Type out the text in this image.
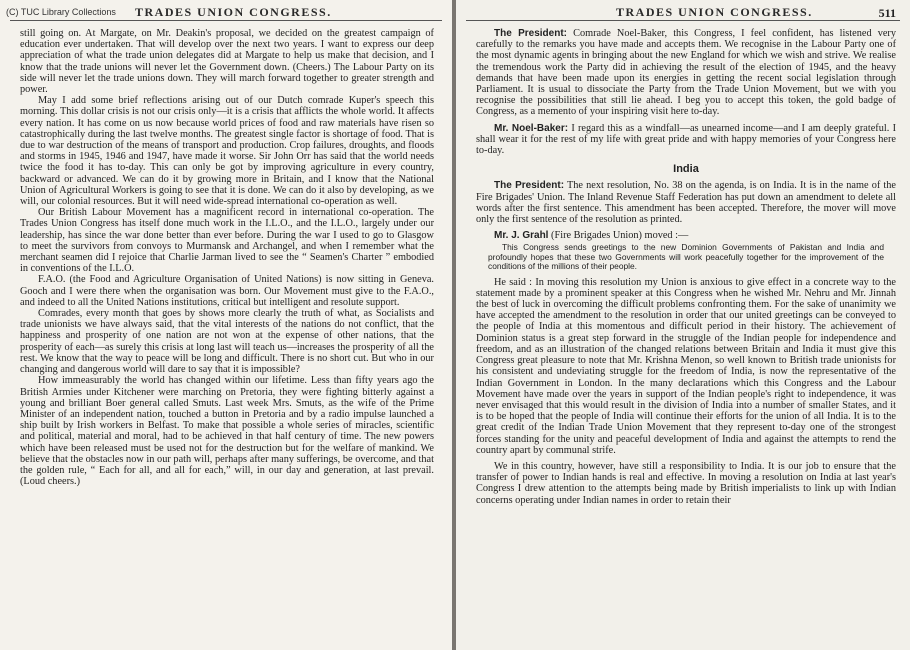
(C) TUC Library Collections TRADES UNION CONGRESS.

still going on. At Margate, on Mr. Deakin's proposal, we decided on the greatest campaign of education ever undertaken. That will develop over the next two years. I want to express our deep appreciation of what the trade union delegates did at Margate to help us make that decision, and I know that the trade unions will never let the Government down. (Cheers.) The Labour Party on its side will never let the trade unions down. They will march forward together to greater strength and power.

May I add some brief reflections arising out of our Dutch comrade Kuper's speech this morning. This dollar crisis is not our crisis only—it is a crisis that afflicts the whole world. It affects every nation. It has come on us now because world prices of food and raw materials have risen so catastrophically during the last twelve months. The greatest single factor is shortage of food. That is due to war destruction of the means of transport and production. Crop failures, droughts, and floods and storms in 1945, 1946 and 1947, have made it worse. Sir John Orr has said that the world needs twice the food it has to-day. This can only be got by improving agriculture in every country, backward or advanced. We can do it by growing more in Britain, and I know that the National Union of Agricultural Workers is going to see that it is done. We can do it also by developing, as we will, our colonial resources. But it will need wide-spread international co-operation as well.

Our British Labour Movement has a magnificent record in international co-operation. The Trades Union Congress has itself done much work in the I.L.O., and the I.L.O., largely under our leadership, has since the war done better than ever before. During the war I used to go to Glasgow to meet the survivors from convoys to Murmansk and Archangel, and when I remember what the merchant seamen did I rejoice that Charlie Jarman lived to see the “ Seamen's Charter ” embodied in conventions of the I.L.O.

F.A.O. (the Food and Agriculture Organisation of United Nations) is now sitting in Geneva. Gooch and I were there when the organisation was born. Our Movement must give to the F.A.O., and indeed to all the United Nations institutions, critical but intelligent and resolute support.

Comrades, every month that goes by shows more clearly the truth of what, as Socialists and trade unionists we have always said, that the vital interests of the nations do not conflict, that the happiness and prosperity of one nation are not won at the expense of other nations, that the prosperity of each—as surely this crisis at long last will teach us—increases the prosperity of all the rest. We know that the way to peace will be long and difficult. There is no short cut. But who in our changing and dangerous world will dare to say that it is impossible?

How immeasurably the world has changed within our lifetime. Less than fifty years ago the British Armies under Kitchener were marching on Pretoria, they were fighting bitterly against a young and brilliant Boer general called Smuts. Last week Mrs. Smuts, as the wife of the Prime Minister of an independent nation, touched a button in Pretoria and by a radio impulse launched a ship built by Irish workers in Belfast. To make that possible a whole series of miracles, scientific and political, material and moral, had to be achieved in that half century of time. The new powers which have been released must be used not for the destruction but for the welfare of mankind. We believe that the obstacles now in our path will, perhaps after many sufferings, be overcome, and that the golden rule, “ Each for all, and all for each,” will, in our day and generation, at last prevail. (Loud cheers.)

TRADES UNION CONGRESS.	511

The President: Comrade Noel-Baker, this Congress, I feel confident, has listened very carefully to the remarks you have made and accepts them. We recognise in the Labour Party one of the most dynamic agents in bringing about the new England for which we wish and strive. We realise the tremendous work the Party did in achieving the result of the election of 1945, and the heavy demands that have been made upon its energies in getting the recent social legislation through Parliament. It is usual to dissociate the Party from the Trade Union Movement, but we with you recognise the possibilities that still lie ahead. I beg you to accept this token, the gold badge of Congress, as a memento of your inspiring visit here to-day.

Mr. Noel-Baker: I regard this as a windfall—as unearned income—and I am deeply grateful. I shall wear it for the rest of my life with great pride and with happy memories of your Congress here to-day.

India

The President: The next resolution, No. 38 on the agenda, is on India. It is in the name of the Fire Brigades' Union. The Inland Revenue Staff Federation has put down an amendment to delete all words after the first sentence. This amendment has been accepted. Therefore, the mover will move only the first sentence of the resolution as printed.

Mr. J. Grahl (Fire Brigades Union) moved :—

This Congress sends greetings to the new Dominion Governments of Pakistan and India and profoundly hopes that these two Governments will work peacefully together for the improvement of the conditions of the millions of their people.

He said : In moving this resolution my Union is anxious to give effect in a concrete way to the statement made by a prominent speaker at this Congress when he wished Mr. Nehru and Mr. Jinnah the best of luck in overcoming the difficult problems confronting them. For the sake of unanimity we have accepted the amendment to the resolution in order that our united greetings can be conveyed to the people of India at this momentous and difficult period in their history. The achievement of Dominion status is a great step forward in the struggle of the Indian people for independence and freedom, and as an illustration of the changed relations between Britain and India it must give this Congress great pleasure to note that Mr. Krishna Menon, so well known to British trade unionists for his consistent and undeviating struggle for the freedom of India, is now the representative of the Indian Government in London. In the many declarations which this Congress and the Labour Movement have made over the years in support of the Indian people's right to independence, it was never envisaged that this would result in the division of India into a number of smaller States, and it is to be hoped that the people of India will continue their efforts for the union of all India. It is to the great credit of the Indian Trade Union Movement that they represent to-day one of the strongest forces standing for the unity and peaceful development of India and against the attempts to rend the country apart by communal strife.

We in this country, however, have still a responsibility to India. It is our job to ensure that the transfer of power to Indian hands is real and effective. In moving a resolution on India at last year's Congress I drew attention to the attempts being made by British imperialists to link up with Indian concerns operating under Indian names in order to retain their
